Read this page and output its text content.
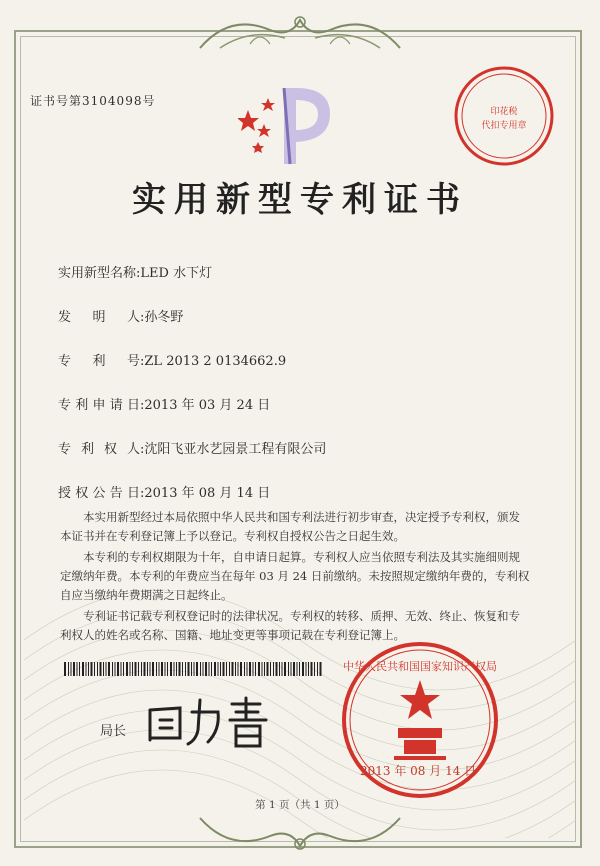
证书号第3104098号
印花税
代扣专用章
实用新型专利证书
实用新型名称:LED 水下灯
发 明 人:孙冬野
专 利 号:ZL 2013 2 0134662.9
专利申请日:2013 年 03 月 24 日
专 利 权 人:沈阳飞亚水艺园景工程有限公司
授权公告日:2013 年 08 月 14 日

本实用新型经过本局依照中华人民共和国专利法进行初步审查，决定授予专利权，颁发本证书并在专利登记簿上予以登记。专利权自授权公告之日起生效。

本专利的专利权期限为十年，自申请日起算。专利权人应当依照专利法及其实施细则规定缴纳年费。本专利的年费应当在每年 03 月 24 日前缴纳。未按照规定缴纳年费的，专利权自应当缴纳年费期满之日起终止。

专利证书记载专利权登记时的法律状况。专利权的转移、质押、无效、终止、恢复和专利权人的姓名或名称、国籍、地址变更等事项记载在专利登记簿上。

局长
中华人民共和国国家知识产权局
2013 年 08 月 14 日
第 1 页（共 1 页）
